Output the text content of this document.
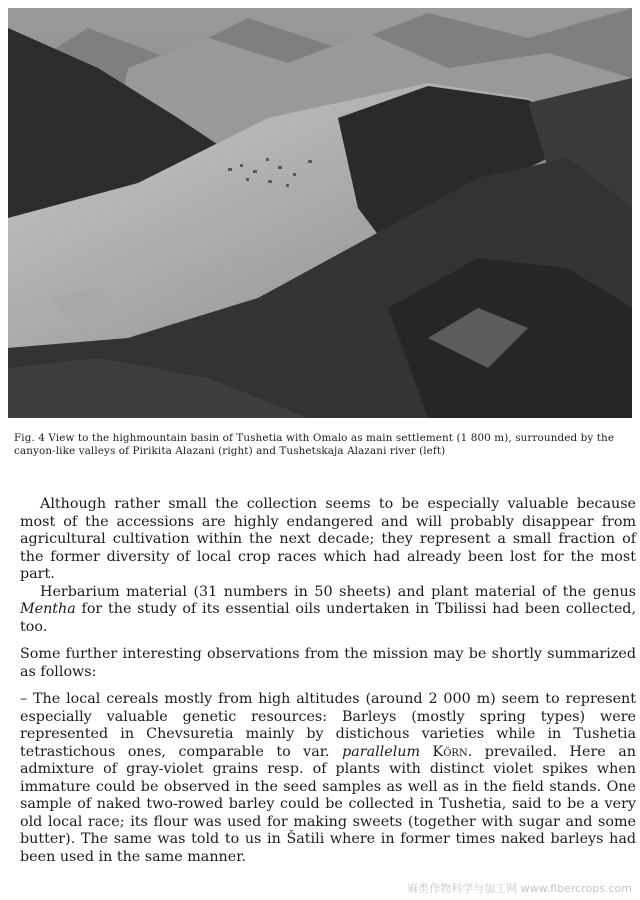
Fig. 4 View to the highmountain basin of Tushetia with Omalo as main settlement (1 800 m), surrounded by the canyon-like valleys of Pirikita Alazani (right) and Tushetskaja Alazani river (left)

Although rather small the collection seems to be especially valuable because most of the accessions are highly endangered and will probably disappear from agricultural cultivation within the next decade; they represent a small fraction of the former diversity of local crop races which had already been lost for the most part.

Herbarium material (31 numbers in 50 sheets) and plant material of the genus Mentha for the study of its essential oils undertaken in Tbilissi had been collected, too.

Some further interesting observations from the mission may be shortly summarized as follows:

– The local cereals mostly from high altitudes (around 2 000 m) seem to represent especially valuable genetic resources: Barleys (mostly spring types) were represented in Chevsuretia mainly by distichous varieties while in Tushetia tetrastichous ones, comparable to var. parallelum Körn. prevailed. Here an admixture of gray-violet grains resp. of plants with distinct violet spikes when immature could be observed in the seed samples as well as in the field stands. One sample of naked two-rowed barley could be collected in Tushetia, said to be a very old local race; its flour was used for making sweets (together with sugar and some butter). The same was told to us in Šatili where in former times naked barleys had been used in the same manner.

麻类作物科学与加工网 www.fibercrops.com
